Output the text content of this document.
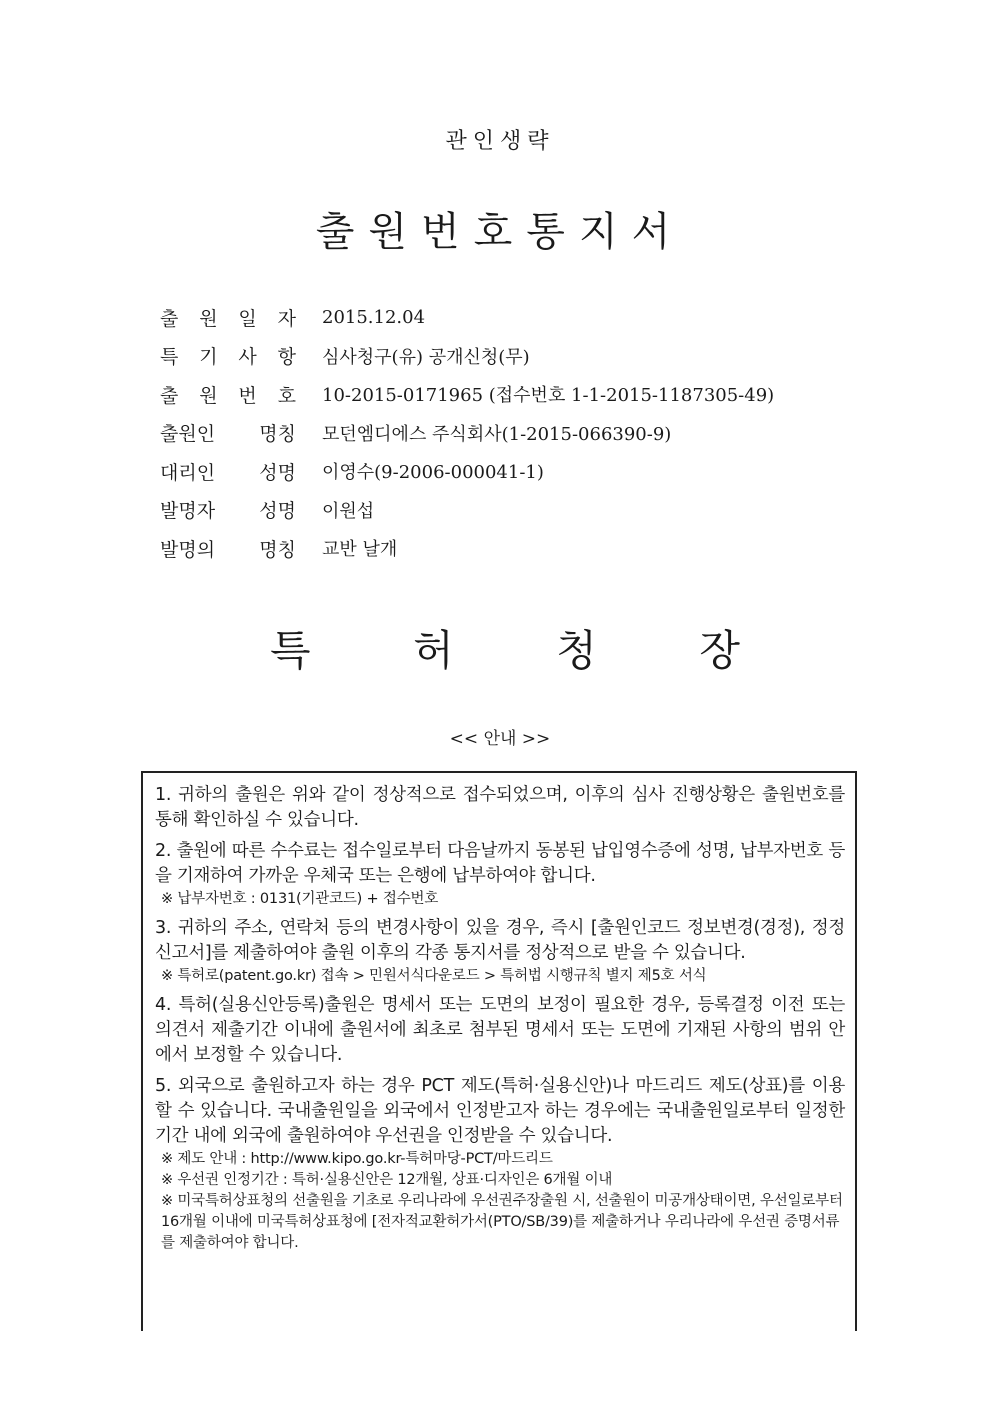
관인생략
출원번호통지서
출 원 일 자 2015.12.04
특 기 사 항 심사청구(유) 공개신청(무)
출 원 번 호 10-2015-0171965 (접수번호 1-1-2015-1187305-49)
출원인 명칭 모던엠디에스 주식회사(1-2015-066390-9)
대리인 성명 이영수(9-2006-000041-1)
발명자 성명 이원섭
발명의 명칭 교반 날개
특 허 청 장
<< 안내 >>
1. 귀하의 출원은 위와 같이 정상적으로 접수되었으며, 이후의 심사 진행상황은 출원번호를 통해 확인하실 수 있습니다.
2. 출원에 따른 수수료는 접수일로부터 다음날까지 동봉된 납입영수증에 성명, 납부자번호 등을 기재하여 가까운 우체국 또는 은행에 납부하여야 합니다.
※ 납부자번호 : 0131(기관코드) + 접수번호
3. 귀하의 주소, 연락처 등의 변경사항이 있을 경우, 즉시 [출원인코드 정보변경(경정), 정정신고서]를 제출하여야 출원 이후의 각종 통지서를 정상적으로 받을 수 있습니다.
※ 특허로(patent.go.kr) 접속 > 민원서식다운로드 > 특허법 시행규칙 별지 제5호 서식
4. 특허(실용신안등록)출원은 명세서 또는 도면의 보정이 필요한 경우, 등록결정 이전 또는 의견서 제출기간 이내에 출원서에 최초로 첨부된 명세서 또는 도면에 기재된 사항의 범위 안에서 보정할 수 있습니다.
5. 외국으로 출원하고자 하는 경우 PCT 제도(특허·실용신안)나 마드리드 제도(상표)를 이용할 수 있습니다. 국내출원일을 외국에서 인정받고자 하는 경우에는 국내출원일로부터 일정한 기간 내에 외국에 출원하여야 우선권을 인정받을 수 있습니다.
※ 제도 안내 : http://www.kipo.go.kr-특허마당-PCT/마드리드
※ 우선권 인정기간 : 특허·실용신안은 12개월, 상표·디자인은 6개월 이내
※ 미국특허상표청의 선출원을 기초로 우리나라에 우선권주장출원 시, 선출원이 미공개상태이면, 우선일로부터 16개월 이내에 미국특허상표청에 [전자적교환허가서(PTO/SB/39)를 제출하거나 우리나라에 우선권 증명서류를 제출하여야 합니다.
